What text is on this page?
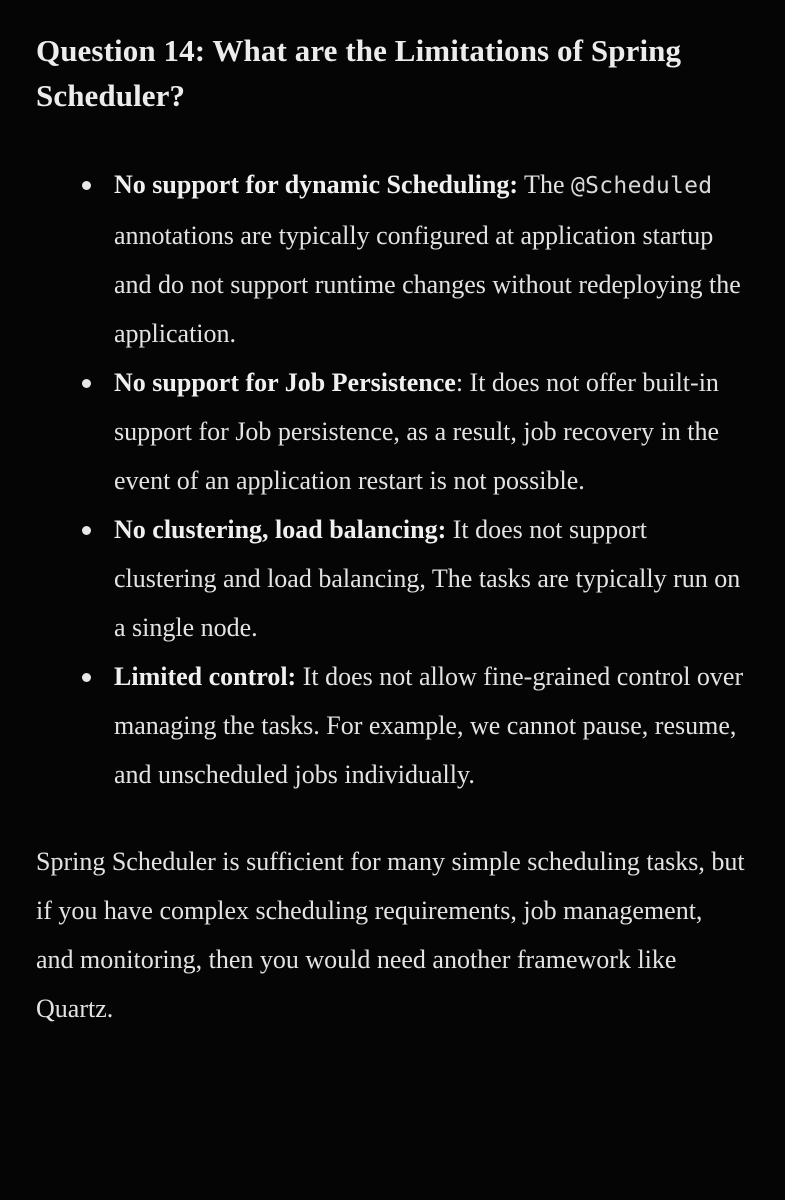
Question 14: What are the Limitations of Spring Scheduler?
No support for dynamic Scheduling: The @Scheduled annotations are typically configured at application startup and do not support runtime changes without redeploying the application.
No support for Job Persistence: It does not offer built-in support for Job persistence, as a result, job recovery in the event of an application restart is not possible.
No clustering, load balancing: It does not support clustering and load balancing, The tasks are typically run on a single node.
Limited control: It does not allow fine-grained control over managing the tasks. For example, we cannot pause, resume, and unscheduled jobs individually.

Spring Scheduler is sufficient for many simple scheduling tasks, but if you have complex scheduling requirements, job management, and monitoring, then you would need another framework like Quartz.
